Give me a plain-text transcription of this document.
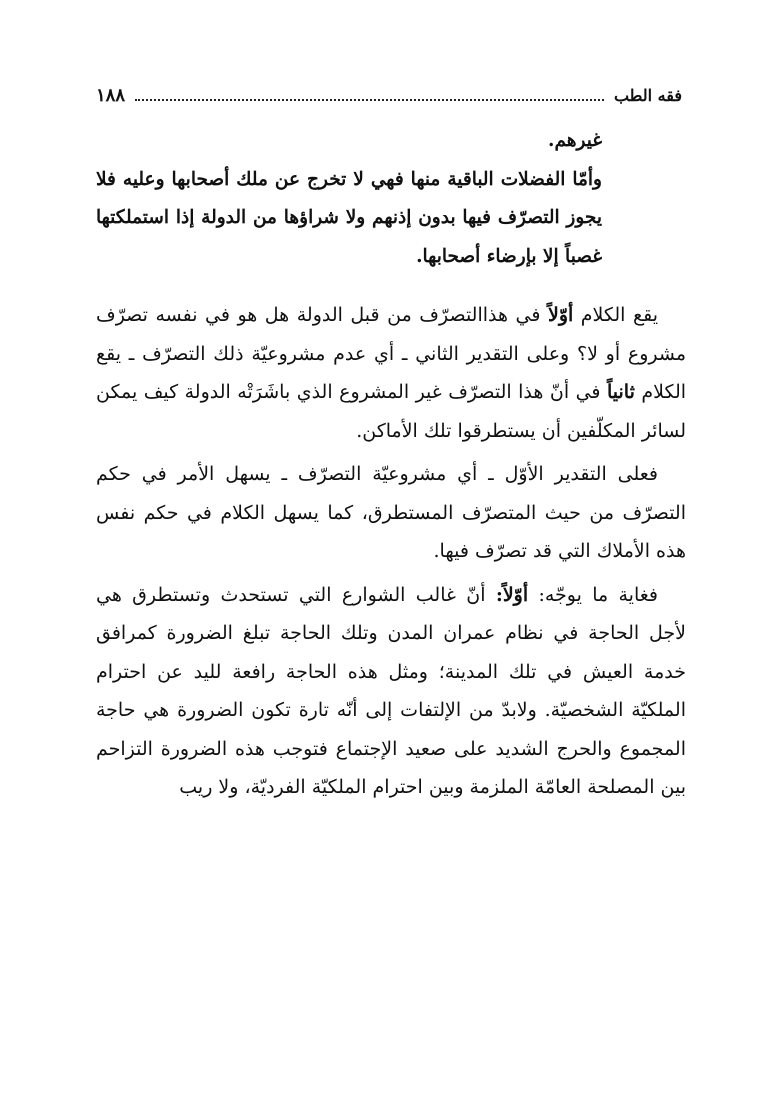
فقه الطب
١٨٨

غيرهم.

وأمّا الفضلات الباقية منها فهي لا تخرج عن ملك أصحابها وعليه فلا يجوز التصرّف فيها بدون إذنهم ولا شراؤها من الدولة إذا استملكتها غصباً إلا بإرضاء أصحابها.

يقع الكلام أوّلاً في هذاالتصرّف من قبل الدولة هل هو في نفسه تصرّف مشروع أو لا؟ وعلى التقدير الثاني ـ أي عدم مشروعيّة ذلك التصرّف ـ يقع الكلام ثانياً في أنّ هذا التصرّف غير المشروع الذي باشَرَتْه الدولة كيف يمكن لسائر المكلّفين أن يستطرقوا تلك الأماكن.

فعلى التقدير الأوّل ـ أي مشروعيّة التصرّف ـ يسهل الأمر في حكم التصرّف من حيث المتصرّف المستطرق، كما يسهل الكلام في حكم نفس هذه الأملاك التي قد تصرّف فيها.

فغاية ما يوجّه: أوّلاً: أنّ غالب الشوارع التي تستحدث وتستطرق هي لأجل الحاجة في نظام عمران المدن وتلك الحاجة تبلغ الضرورة كمرافق خدمة العيش في تلك المدينة؛ ومثل هذه الحاجة رافعة لليد عن احترام الملكيّة الشخصيّة. ولابدّ من الإلتفات إلى أنّه تارة تكون الضرورة هي حاجة المجموع والحرج الشديد على صعيد الإجتماع فتوجب هذه الضرورة التزاحم بين المصلحة العامّة الملزمة وبين احترام الملكيّة الفرديّة، ولا ريب
